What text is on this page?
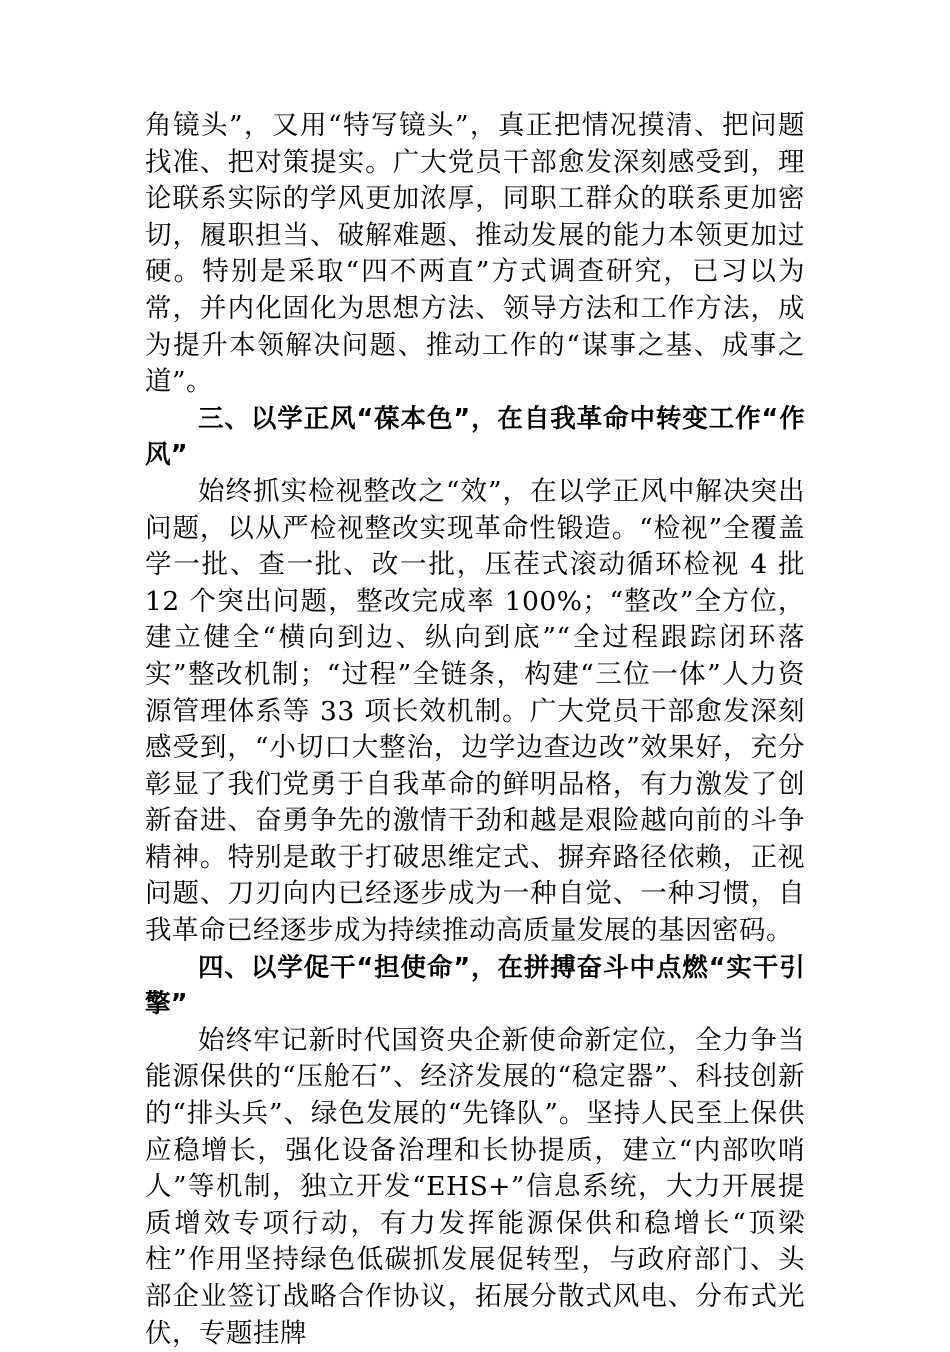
角镜头”，又用“特写镜头”，真正把情况摸清、把问题找准、把对策提实。广大党员干部愈发深刻感受到，理论联系实际的学风更加浓厚，同职工群众的联系更加密切，履职担当、破解难题、推动发展的能力本领更加过硬。特别是采取“四不两直”方式调查研究，已习以为常，并内化固化为思想方法、领导方法和工作方法，成为提升本领解决问题、推动工作的“谋事之基、成事之道”。

三、以学正风“葆本色”，在自我革命中转变工作“作风”

始终抓实检视整改之“效”，在以学正风中解决突出问题，以从严检视整改实现革命性锻造。“检视”全覆盖学一批、查一批、改一批，压茬式滚动循环检视 4 批 12 个突出问题，整改完成率 100%；“整改”全方位，建立健全“横向到边、纵向到底”“全过程跟踪闭环落实”整改机制；“过程”全链条，构建“三位一体”人力资源管理体系等 33 项长效机制。广大党员干部愈发深刻感受到，“小切口大整治，边学边查边改”效果好，充分彰显了我们党勇于自我革命的鲜明品格，有力激发了创新奋进、奋勇争先的激情干劲和越是艰险越向前的斗争精神。特别是敢于打破思维定式、摒弃路径依赖，正视问题、刀刃向内已经逐步成为一种自觉、一种习惯，自我革命已经逐步成为持续推动高质量发展的基因密码。

四、以学促干“担使命”，在拼搏奋斗中点燃“实干引擎”

始终牢记新时代国资央企新使命新定位，全力争当能源保供的“压舱石”、经济发展的“稳定器”、科技创新的“排头兵”、绿色发展的“先锋队”。坚持人民至上保供应稳增长，强化设备治理和长协提质，建立“内部吹哨人”等机制，独立开发“EHS+”信息系统，大力开展提质增效专项行动，有力发挥能源保供和稳增长“顶梁柱”作用坚持绿色低碳抓发展促转型，与政府部门、头部企业签订战略合作协议，拓展分散式风电、分布式光伏，专题挂牌
